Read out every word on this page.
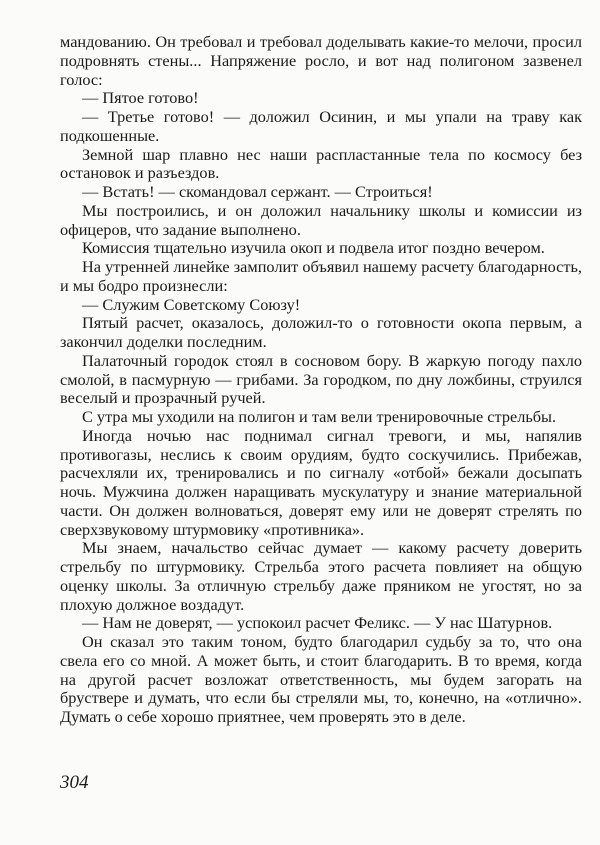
мандованию. Он требовал и требовал доделывать какие-то мелочи, просил подровнять стены... Напряжение росло, и вот над полигоном зазвенел голос:

— Пятое готово!

— Третье готово! — доложил Осинин, и мы упали на траву как подкошенные.

Земной шар плавно нес наши распластанные тела по космосу без остановок и разъездов.

— Встать! — скомандовал сержант. — Строиться!

Мы построились, и он доложил начальнику школы и комиссии из офицеров, что задание выполнено.

Комиссия тщательно изучила окоп и подвела итог поздно вечером.

На утренней линейке замполит объявил нашему расчету благодарность, и мы бодро произнесли:

— Служим Советскому Союзу!

Пятый расчет, оказалось, доложил-то о готовности окопа первым, а закончил доделки последним.

Палаточный городок стоял в сосновом бору. В жаркую погоду пахло смолой, в пасмурную — грибами. За городком, по дну ложбины, струился веселый и прозрачный ручей.

С утра мы уходили на полигон и там вели тренировочные стрельбы.

Иногда ночью нас поднимал сигнал тревоги, и мы, напялив противогазы, неслись к своим орудиям, будто соскучились. Прибежав, расчехляли их, тренировались и по сигналу «отбой» бежали досыпать ночь. Мужчина должен наращивать мускулатуру и знание материальной части. Он должен волноваться, доверят ему или не доверят стрелять по сверхзвуковому штурмовику «противника».

Мы знаем, начальство сейчас думает — какому расчету доверить стрельбу по штурмовику. Стрельба этого расчета повлияет на общую оценку школы. За отличную стрельбу даже пряником не угостят, но за плохую должное воздадут.

— Нам не доверят, — успокоил расчет Феликс. — У нас Шатурнов.

Он сказал это таким тоном, будто благодарил судьбу за то, что она свела его со мной. А может быть, и стоит благодарить. В то время, когда на другой расчет возложат ответственность, мы будем загорать на бруствере и думать, что если бы стреляли мы, то, конечно, на «отлично». Думать о себе хорошо приятнее, чем проверять это в деле.

304
